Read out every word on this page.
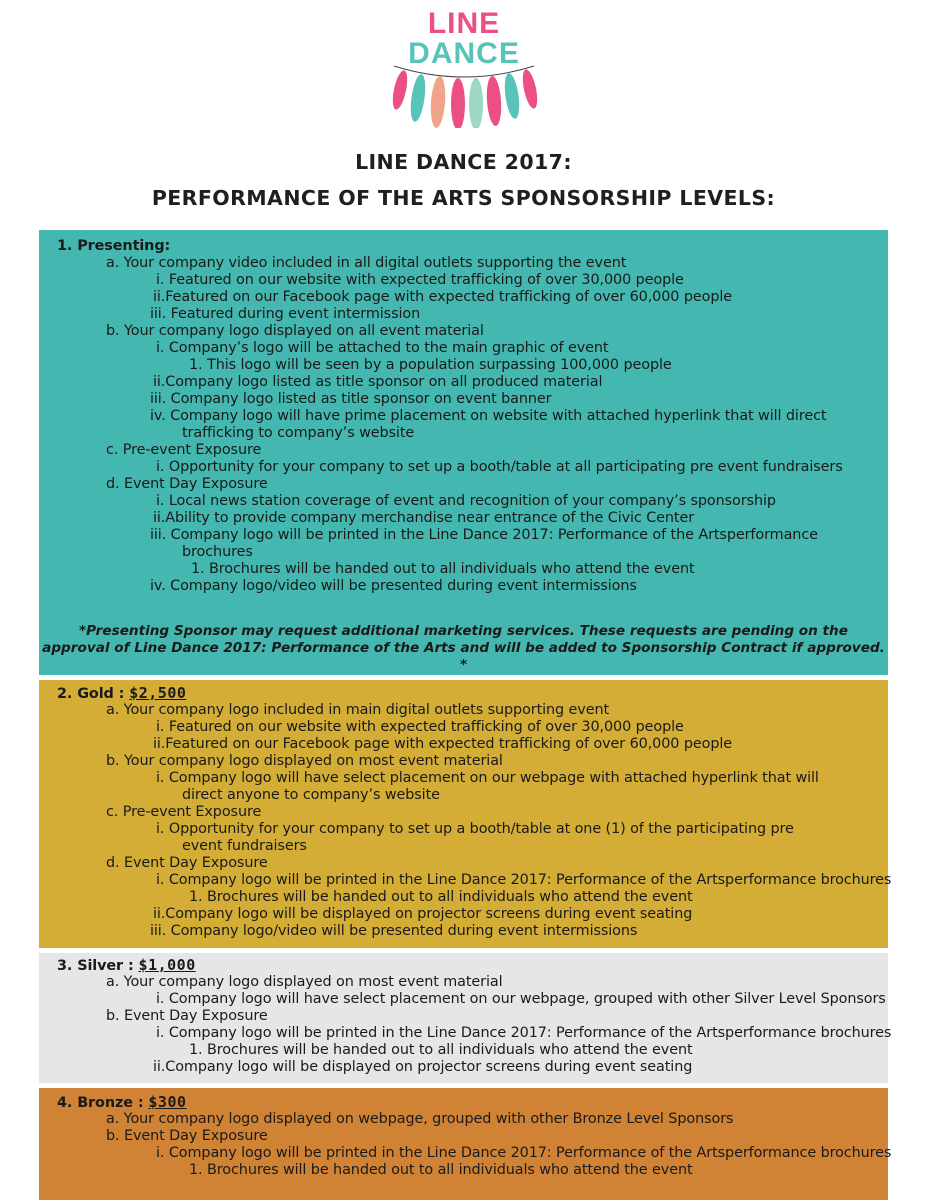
LINE
DANCE
LINE DANCE 2017:
PERFORMANCE OF THE ARTS SPONSORSHIP LEVELS:
1. Presenting:
a. Your company video included in all digital outlets supporting the event
i. Featured on our website with expected trafficking of over 30,000 people
ii.Featured on our Facebook page with expected trafficking of over 60,000 people
iii. Featured during event intermission
b. Your company logo displayed on all event material
i. Company’s logo will be attached to the main graphic of event
1. This logo will be seen by a population surpassing 100,000 people
ii.Company logo listed as title sponsor on all produced material
iii. Company logo listed as title sponsor on event banner
iv. Company logo will have prime placement on website with attached hyperlink that will direct
trafficking to company’s website
c. Pre-event Exposure
i. Opportunity for your company to set up a booth/table at all participating pre event fundraisers
d. Event Day Exposure
i. Local news station coverage of event and recognition of your company’s sponsorship
ii.Ability to provide company merchandise near entrance of the Civic Center
iii. Company logo will be printed in the Line Dance 2017: Performance of the Artsperformance
brochures
1. Brochures will be handed out to all individuals who attend the event
iv. Company logo/video will be presented during event intermissions
*Presenting Sponsor may request additional marketing services. These requests are pending on the
approval of Line Dance 2017: Performance of the Arts and will be added to Sponsorship Contract if approved. *
2. Gold : $2,500
a. Your company logo included in main digital outlets supporting event
i. Featured on our website with expected trafficking of over 30,000 people
ii.Featured on our Facebook page with expected trafficking of over 60,000 people
b. Your company logo displayed on most event material
i. Company logo will have select placement on our webpage with attached hyperlink that will
direct anyone to company’s website
c. Pre-event Exposure
i. Opportunity for your company to set up a booth/table at one (1) of the participating pre
event fundraisers
d. Event Day Exposure
i. Company logo will be printed in the Line Dance 2017: Performance of the Artsperformance brochures
1. Brochures will be handed out to all individuals who attend the event
ii.Company logo will be displayed on projector screens during event seating
iii. Company logo/video will be presented during event intermissions
3. Silver : $1,000
a. Your company logo displayed on most event material
i. Company logo will have select placement on our webpage, grouped with other Silver Level Sponsors
b. Event Day Exposure
i. Company logo will be printed in the Line Dance 2017: Performance of the Artsperformance brochures
1. Brochures will be handed out to all individuals who attend the event
ii.Company logo will be displayed on projector screens during event seating
4. Bronze : $300
a. Your company logo displayed on webpage, grouped with other Bronze Level Sponsors
b. Event Day Exposure
i. Company logo will be printed in the Line Dance 2017: Performance of the Artsperformance brochures
1. Brochures will be handed out to all individuals who attend the event
